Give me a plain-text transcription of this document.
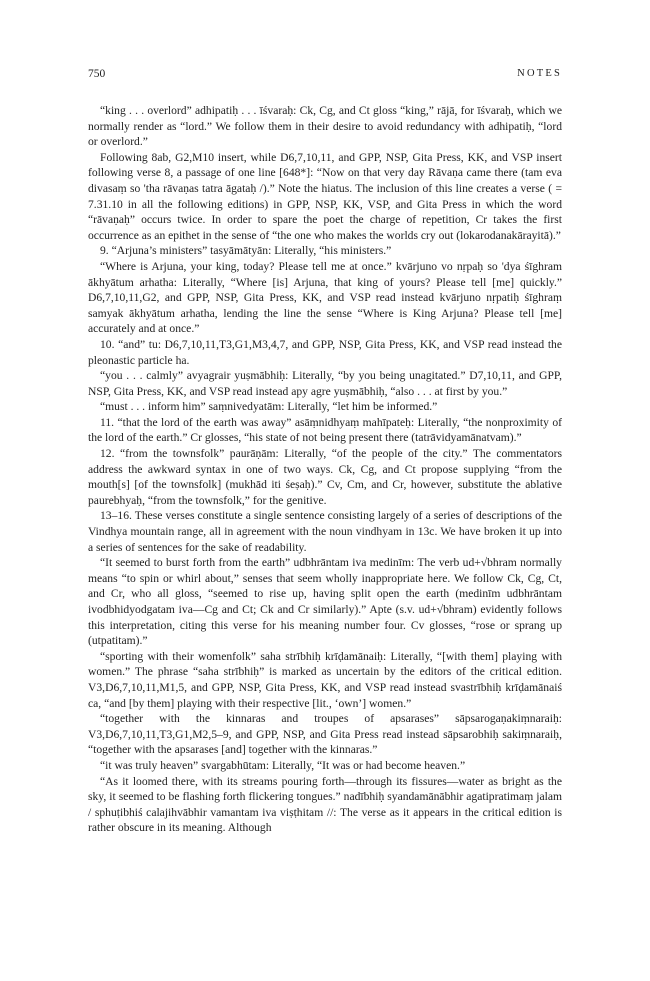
750	NOTES

“king . . . overlord” adhipatiḥ . . . īśvaraḥ: Ck, Cg, and Ct gloss “king,” rājā, for īśvaraḥ, which we normally render as “lord.” We follow them in their desire to avoid redundancy with adhipatiḥ, “lord or overlord.”

Following 8ab, G2,M10 insert, while D6,7,10,11, and GPP, NSP, Gita Press, KK, and VSP insert following verse 8, a passage of one line [648*]: “Now on that very day Rāvaṇa came there (tam eva divasaṃ so 'tha rāvaṇas tatra āgataḥ /).” Note the hiatus. The inclusion of this line creates a verse ( = 7.31.10 in all the following editions) in GPP, NSP, KK, VSP, and Gita Press in which the word “rāvaṇaḥ” occurs twice. In order to spare the poet the charge of repetition, Cr takes the first occurrence as an epithet in the sense of “the one who makes the worlds cry out (lokarodanakārayitā).”

9. “Arjuna’s ministers” tasyāmātyān: Literally, “his ministers.”

“Where is Arjuna, your king, today? Please tell me at once.” kvārjuno vo nṛpaḥ so 'dya śīghram ākhyātum arhatha: Literally, “Where [is] Arjuna, that king of yours? Please tell [me] quickly.” D6,7,10,11,G2, and GPP, NSP, Gita Press, KK, and VSP read instead kvārjuno nṛpatiḥ śīghraṃ samyak ākhyātum arhatha, lending the line the sense “Where is King Arjuna? Please tell [me] accurately and at once.”

10. “and” tu: D6,7,10,11,T3,G1,M3,4,7, and GPP, NSP, Gita Press, KK, and VSP read instead the pleonastic particle ha.

“you . . . calmly” avyagrair yuṣmābhiḥ: Literally, “by you being unagitated.” D7,10,11, and GPP, NSP, Gita Press, KK, and VSP read instead apy agre yuṣmābhiḥ, “also . . . at first by you.”

“must . . . inform him” saṃnivedyatām: Literally, “let him be informed.”

11. “that the lord of the earth was away” asāṃnidhyaṃ mahīpateḥ: Literally, “the nonproximity of the lord of the earth.” Cr glosses, “his state of not being present there (tatrāvidyamānatvam).”

12. “from the townsfolk” paurāṇām: Literally, “of the people of the city.” The commentators address the awkward syntax in one of two ways. Ck, Cg, and Ct propose supplying “from the mouth[s] [of the townsfolk] (mukhād iti śeṣaḥ).” Cv, Cm, and Cr, however, substitute the ablative paurebhyaḥ, “from the townsfolk,” for the genitive.

13–16. These verses constitute a single sentence consisting largely of a series of descriptions of the Vindhya mountain range, all in agreement with the noun vindhyam in 13c. We have broken it up into a series of sentences for the sake of readability.

“It seemed to burst forth from the earth” udbhrāntam iva medinīm: The verb ud+√bhram normally means “to spin or whirl about,” senses that seem wholly inappropriate here. We follow Ck, Cg, Ct, and Cr, who all gloss, “seemed to rise up, having split open the earth (medinīm udbhrāntam ivodbhidyodgatam iva—Cg and Ct; Ck and Cr similarly).” Apte (s.v. ud+√bhram) evidently follows this interpretation, citing this verse for his meaning number four. Cv glosses, “rose or sprang up (utpatitam).”

“sporting with their womenfolk” saha strībhiḥ krīḍamānaiḥ: Literally, “[with them] playing with women.” The phrase “saha strībhiḥ” is marked as uncertain by the editors of the critical edition. V3,D6,7,10,11,M1,5, and GPP, NSP, Gita Press, KK, and VSP read instead svastrībhiḥ krīḍamānaiś ca, “and [by them] playing with their respective [lit., ‘own’] women.”

“together with the kinnaras and troupes of apsarases” sāpsarogaṇakiṃnaraiḥ: V3,D6,7,10,11,T3,G1,M2,5–9, and GPP, NSP, and Gita Press read instead sāpsarobhiḥ sakiṃnaraiḥ, “together with the apsarases [and] together with the kinnaras.”

“it was truly heaven” svargabhūtam: Literally, “It was or had become heaven.”

“As it loomed there, with its streams pouring forth—through its fissures—water as bright as the sky, it seemed to be flashing forth flickering tongues.” nadībhiḥ syandamānābhir agatipratimaṃ jalam / sphuṭibhiś calajihvābhir vamantam iva viṣṭhitam //: The verse as it appears in the critical edition is rather obscure in its meaning. Although
